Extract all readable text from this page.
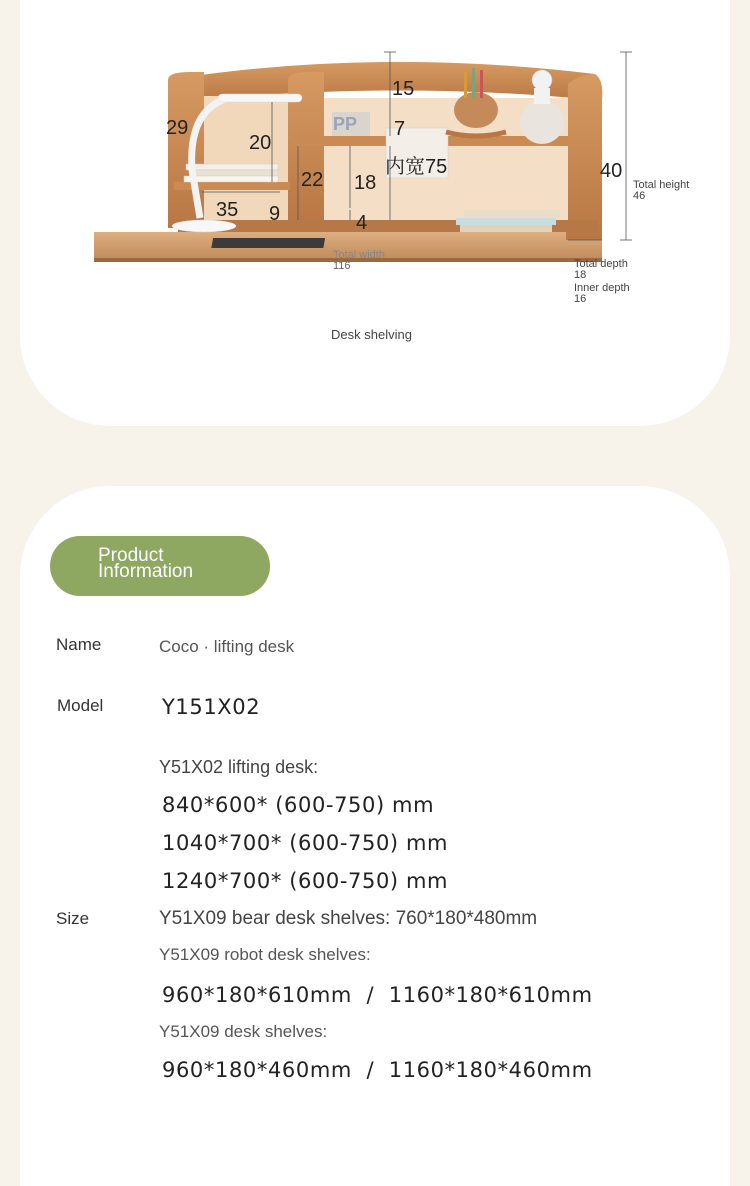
15
29
20
7
22 18
内宽75	40
35 9	4
Total height
46
Total width
116	Total depth
18
Inner depth
16
PP
Desk shelving
Product Information
Name	Coco · lifting desk
Model	Y151X02
Size
Y51X02 lifting desk:
840*600* (600-750) mm
1040*700* (600-750) mm
1240*700* (600-750) mm
Y51X09 bear desk shelves: 760*180*480mm
Y51X09 robot desk shelves:
960*180*610mm  /  1160*180*610mm
Y51X09 desk shelves:
960*180*460mm  /  1160*180*460mm
